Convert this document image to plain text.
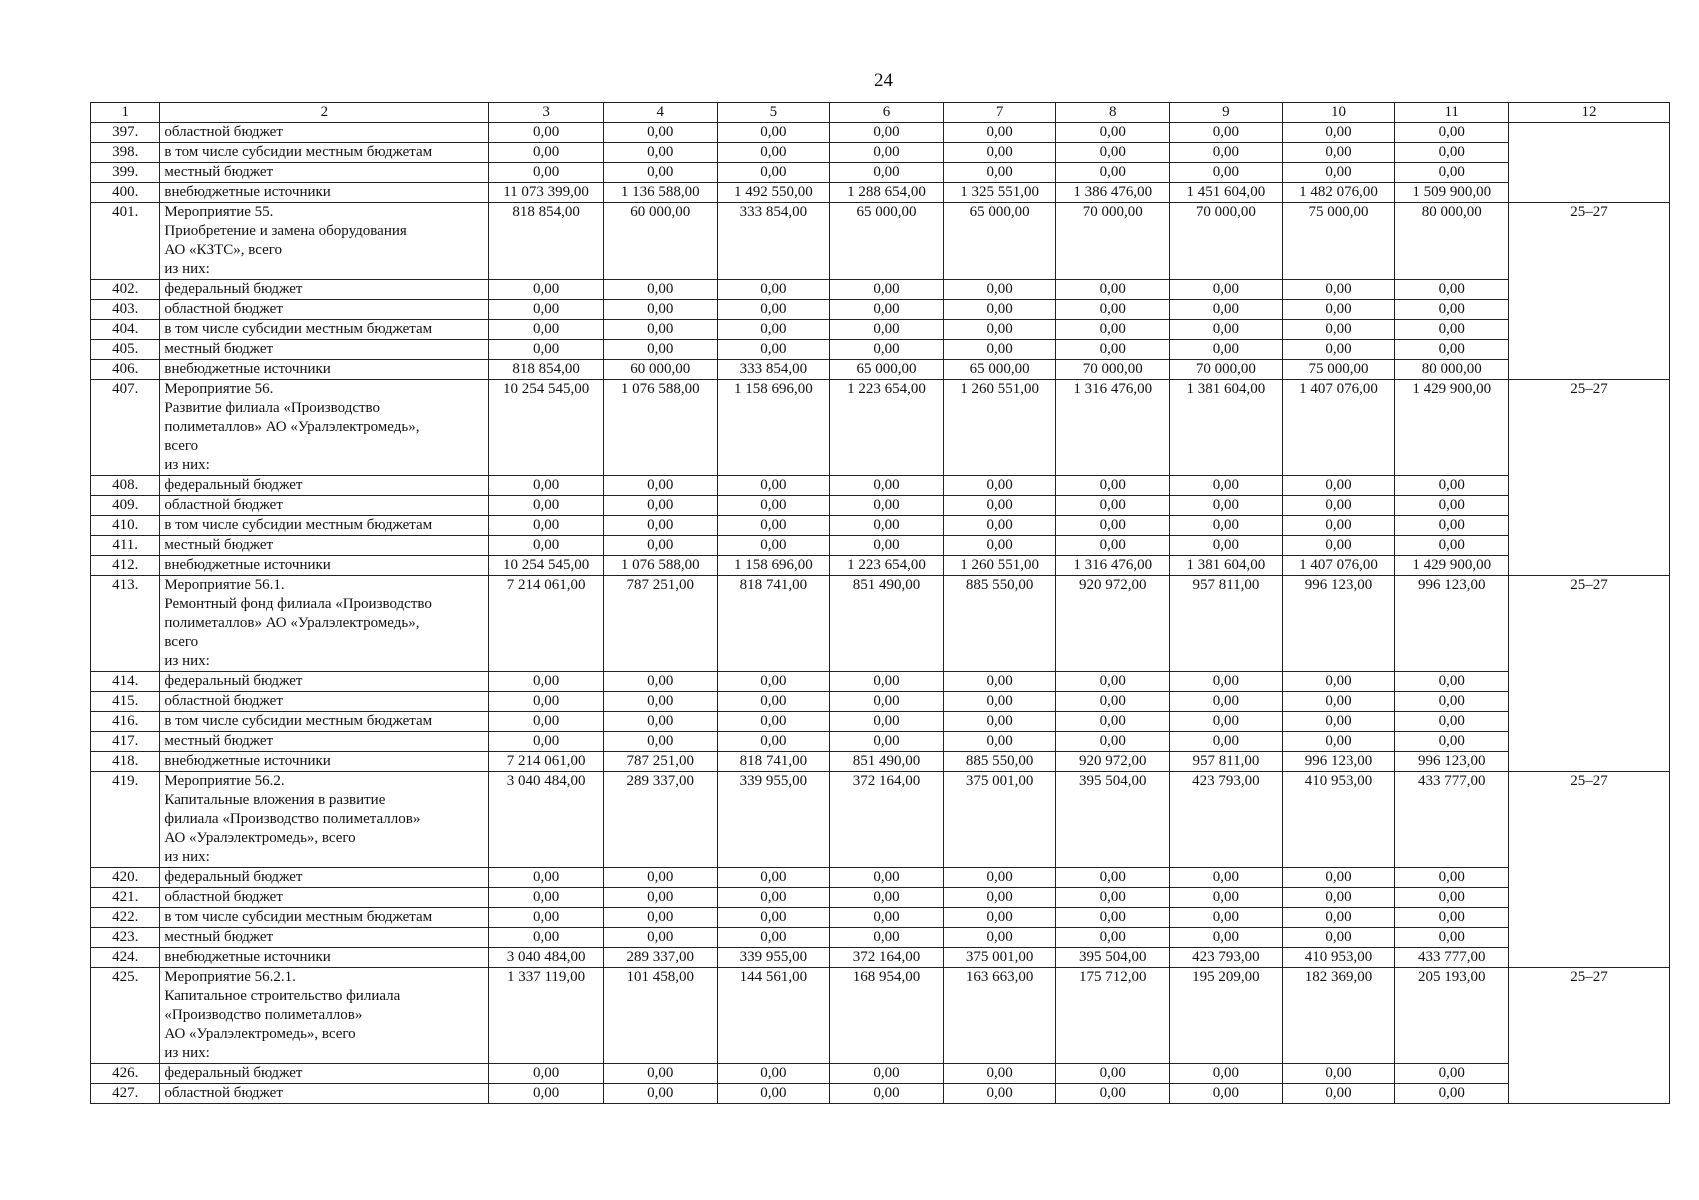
24
1	2	3	4	5	6	7	8	9	10	11	12
397.	областной бюджет	0,00	0,00	0,00	0,00	0,00	0,00	0,00	0,00	0,00	
398.	в том числе субсидии местным бюджетам	0,00	0,00	0,00	0,00	0,00	0,00	0,00	0,00	0,00	
399.	местный бюджет	0,00	0,00	0,00	0,00	0,00	0,00	0,00	0,00	0,00	
400.	внебюджетные источники	11 073 399,00	1 136 588,00	1 492 550,00	1 288 654,00	1 325 551,00	1 386 476,00	1 451 604,00	1 482 076,00	1 509 900,00	
401.	Мероприятие 55.
Приобретение и замена оборудования
АО «КЗТС», всего
из них:	818 854,00	60 000,00	333 854,00	65 000,00	65 000,00	70 000,00	70 000,00	75 000,00	80 000,00	25–27
402.	федеральный бюджет	0,00	0,00	0,00	0,00	0,00	0,00	0,00	0,00	0,00	
403.	областной бюджет	0,00	0,00	0,00	0,00	0,00	0,00	0,00	0,00	0,00	
404.	в том числе субсидии местным бюджетам	0,00	0,00	0,00	0,00	0,00	0,00	0,00	0,00	0,00	
405.	местный бюджет	0,00	0,00	0,00	0,00	0,00	0,00	0,00	0,00	0,00	
406.	внебюджетные источники	818 854,00	60 000,00	333 854,00	65 000,00	65 000,00	70 000,00	70 000,00	75 000,00	80 000,00	
407.	Мероприятие 56.
Развитие филиала «Производство
полиметаллов» АО «Уралэлектромедь»,
всего
из них:	10 254 545,00	1 076 588,00	1 158 696,00	1 223 654,00	1 260 551,00	1 316 476,00	1 381 604,00	1 407 076,00	1 429 900,00	25–27
408.	федеральный бюджет	0,00	0,00	0,00	0,00	0,00	0,00	0,00	0,00	0,00	
409.	областной бюджет	0,00	0,00	0,00	0,00	0,00	0,00	0,00	0,00	0,00	
410.	в том числе субсидии местным бюджетам	0,00	0,00	0,00	0,00	0,00	0,00	0,00	0,00	0,00	
411.	местный бюджет	0,00	0,00	0,00	0,00	0,00	0,00	0,00	0,00	0,00	
412.	внебюджетные источники	10 254 545,00	1 076 588,00	1 158 696,00	1 223 654,00	1 260 551,00	1 316 476,00	1 381 604,00	1 407 076,00	1 429 900,00	
413.	Мероприятие 56.1.
Ремонтный фонд филиала «Производство
полиметаллов» АО «Уралэлектромедь»,
всего
из них:	7 214 061,00	787 251,00	818 741,00	851 490,00	885 550,00	920 972,00	957 811,00	996 123,00	996 123,00	25–27
414.	федеральный бюджет	0,00	0,00	0,00	0,00	0,00	0,00	0,00	0,00	0,00	
415.	областной бюджет	0,00	0,00	0,00	0,00	0,00	0,00	0,00	0,00	0,00	
416.	в том числе субсидии местным бюджетам	0,00	0,00	0,00	0,00	0,00	0,00	0,00	0,00	0,00	
417.	местный бюджет	0,00	0,00	0,00	0,00	0,00	0,00	0,00	0,00	0,00	
418.	внебюджетные источники	7 214 061,00	787 251,00	818 741,00	851 490,00	885 550,00	920 972,00	957 811,00	996 123,00	996 123,00	
419.	Мероприятие 56.2.
Капитальные вложения в развитие
филиала «Производство полиметаллов»
АО «Уралэлектромедь», всего
из них:	3 040 484,00	289 337,00	339 955,00	372 164,00	375 001,00	395 504,00	423 793,00	410 953,00	433 777,00	25–27
420.	федеральный бюджет	0,00	0,00	0,00	0,00	0,00	0,00	0,00	0,00	0,00	
421.	областной бюджет	0,00	0,00	0,00	0,00	0,00	0,00	0,00	0,00	0,00	
422.	в том числе субсидии местным бюджетам	0,00	0,00	0,00	0,00	0,00	0,00	0,00	0,00	0,00	
423.	местный бюджет	0,00	0,00	0,00	0,00	0,00	0,00	0,00	0,00	0,00	
424.	внебюджетные источники	3 040 484,00	289 337,00	339 955,00	372 164,00	375 001,00	395 504,00	423 793,00	410 953,00	433 777,00	
425.	Мероприятие 56.2.1.
Капитальное строительство филиала
«Производство полиметаллов»
АО «Уралэлектромедь», всего
из них:	1 337 119,00	101 458,00	144 561,00	168 954,00	163 663,00	175 712,00	195 209,00	182 369,00	205 193,00	25–27
426.	федеральный бюджет	0,00	0,00	0,00	0,00	0,00	0,00	0,00	0,00	0,00	
427.	областной бюджет	0,00	0,00	0,00	0,00	0,00	0,00	0,00	0,00	0,00	
